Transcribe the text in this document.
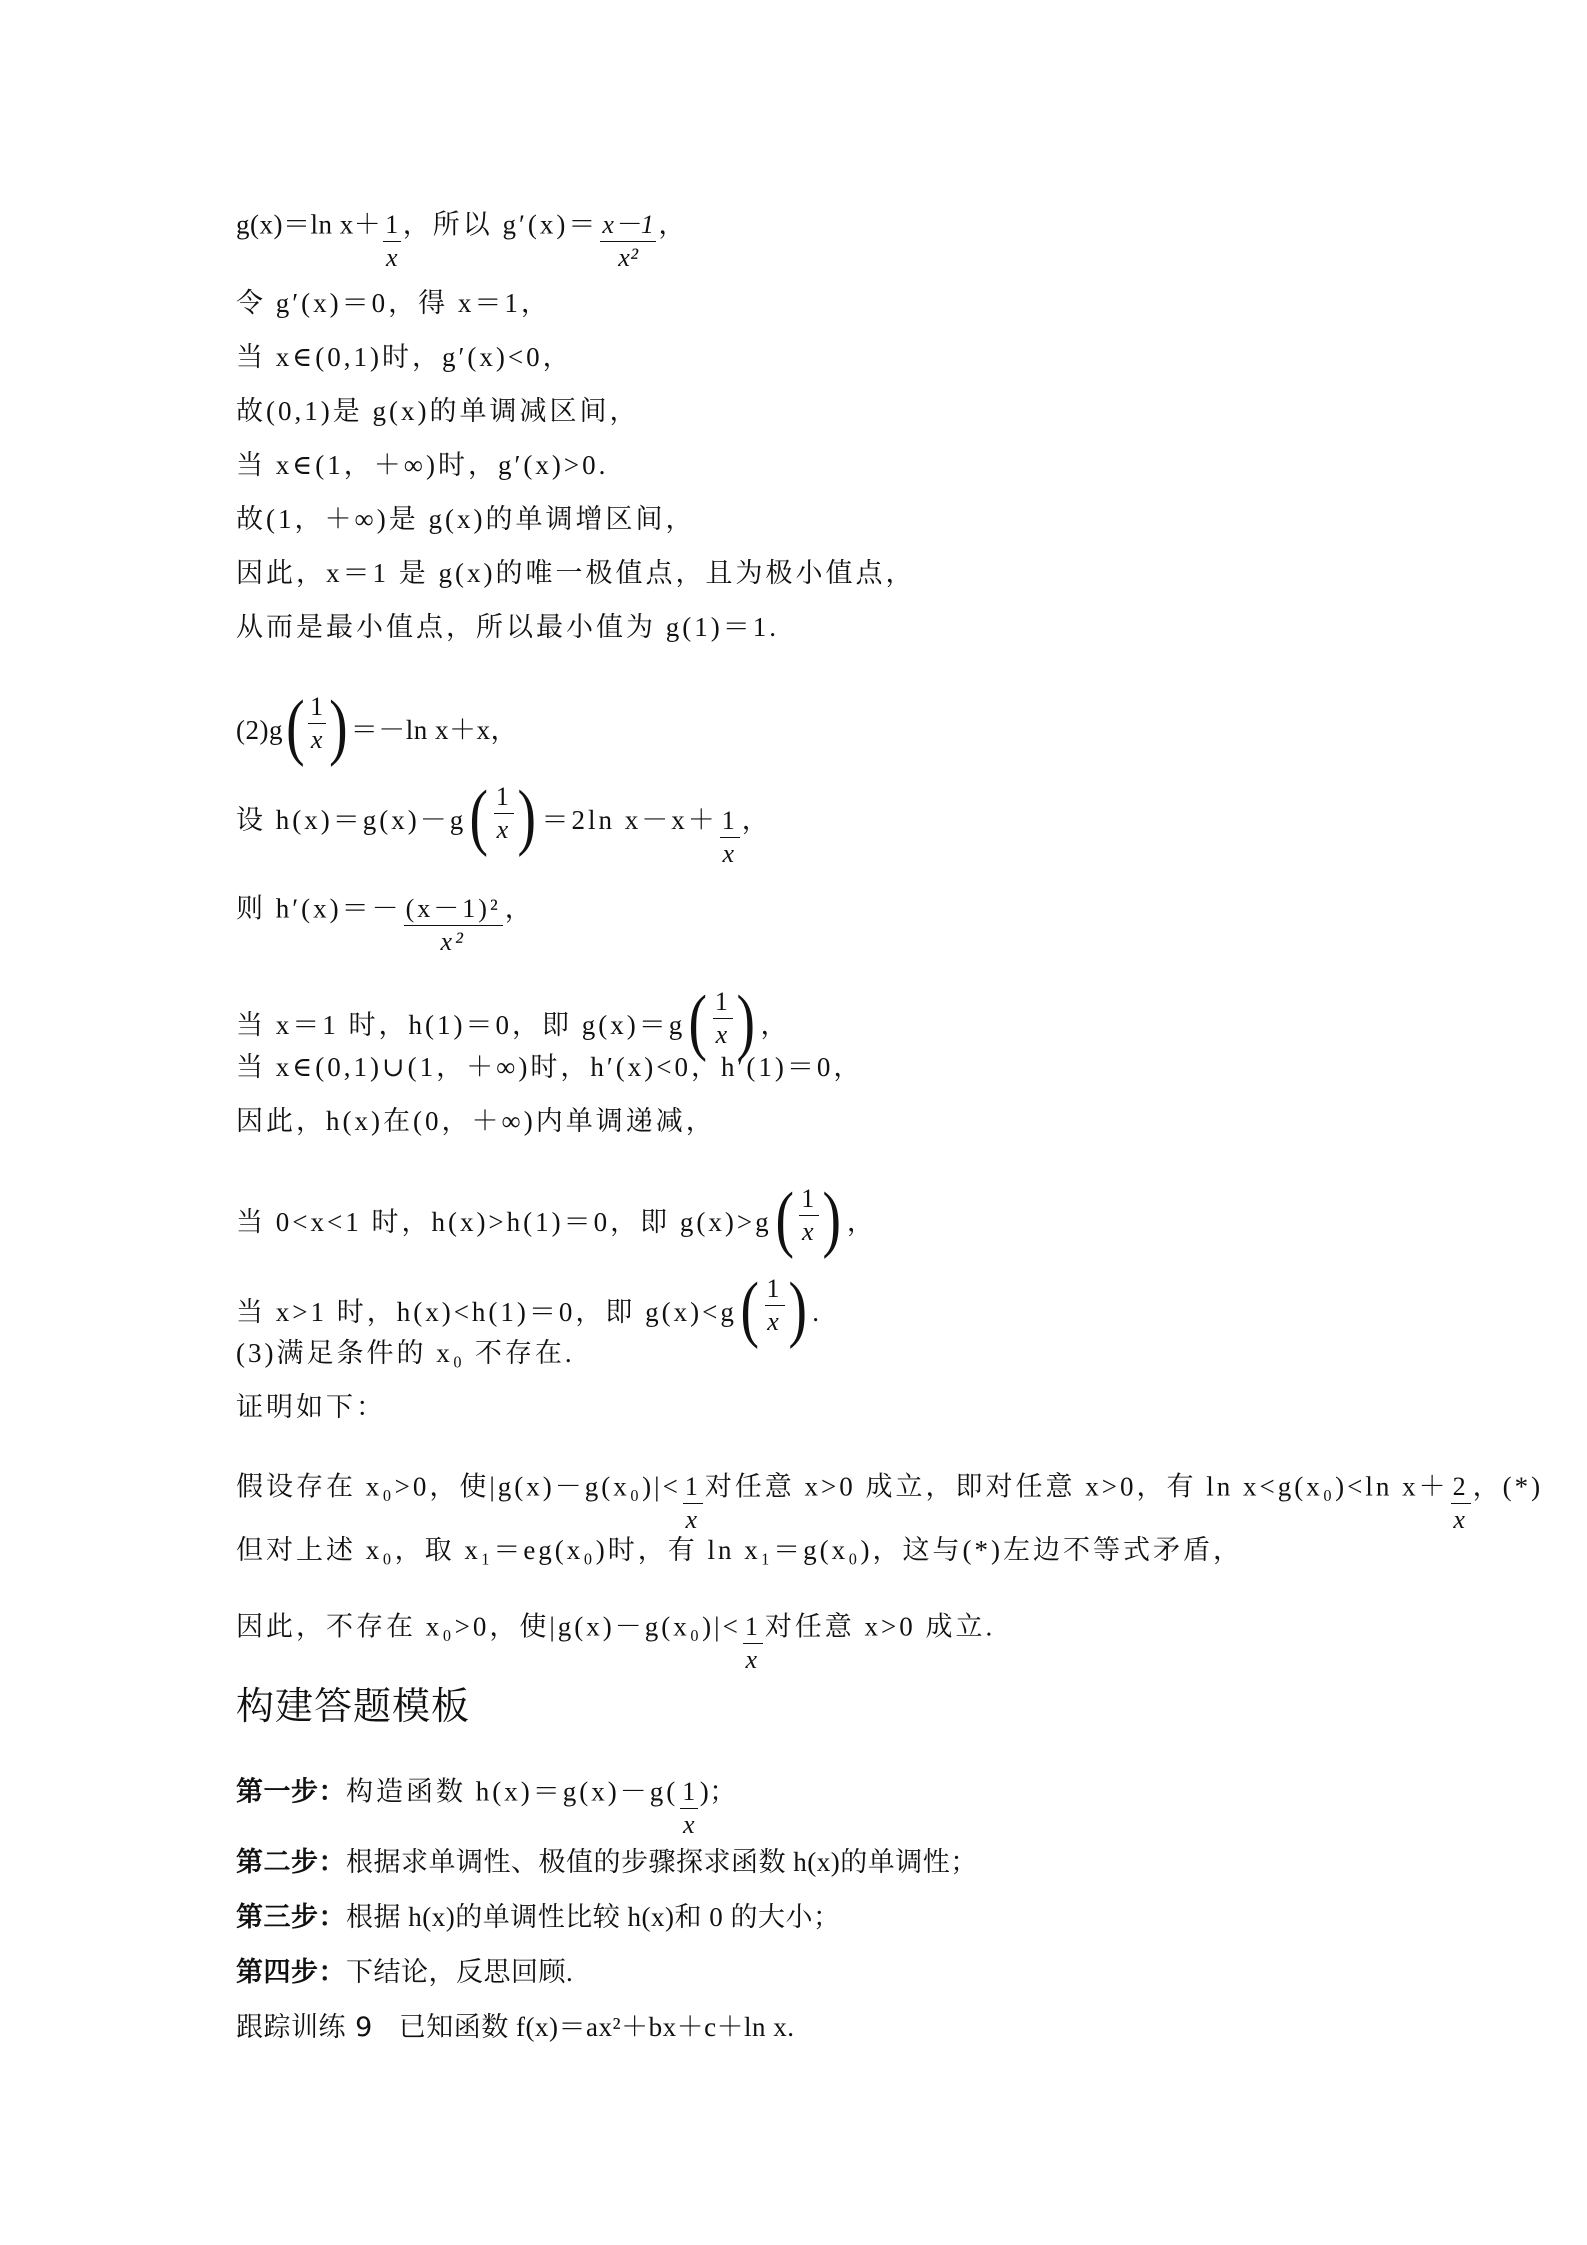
g(x)＝ln $x+ \frac{1}{x}$ ，所以 $g'(x)= \frac{x-1}{\text{x²}}$ ，
令 g′(x)＝0，得 x＝1，
当 x∈(0,1)时，g′(x)<0，
故(0,1)是 g(x)的单调减区间，
当 x∈(1，＋∞)时，g′(x)>0.
故(1，＋∞)是 g(x)的单调增区间，
因此，x＝1 是 g(x)的唯一极值点，且为极小值点，
从而是最小值点，所以最小值为 g(1)＝1.
(2)g ( $\frac{1}{x}$ ) ＝－ln x＋x，
设 h(x)＝g(x)－g ( $\frac{1}{x}$ ) ＝2ln $x-x+ \frac{1}{x}$ ，
则 $h'(x)=- \frac{\text{(x－1)²}}{\text{x²}}$ ，
当 x＝1 时，h(1)＝0，即 g(x)＝g ( $\frac{1}{x}$ ) ，
当 x∈(0,1)∪(1，＋∞)时，h′(x)<0，h′(1)＝0，
因此，h(x)在(0，＋∞)内单调递减，
当 0<x<1 时，h(x)>h(1)＝0，即 g(x)>g ( $\frac{1}{x}$ ) ，
当 x>1 时，h(x)<h(1)＝0，即 g(x)<g ( $\frac{1}{x}$ ) .
(3)满足条件的 x₀ 不存在.
证明如下：
假设存在 x₀>0，使$|g(x)-g(x_0)|< \frac{1}{x}$ 对任意 x>0 成立，即对任意 x>0，有 ln x<g(x₀)<ln $x+ \frac{2}{x}$ ，(*)
但对上述 x₀，取 x₁＝eg(x₀)时，有 ln x₁＝g(x₀)，这与(*)左边不等式矛盾，
因此，不存在 x₀>0，使$|g(x)-g(x_0)|< \frac{1}{x}$ 对任意 x>0 成立.
构建答题模板
第一步：构造函数 $h(x)=g(x)-g( \frac{1}{x}$ )；
第二步：根据求单调性、极值的步骤探求函数 h(x)的单调性；
第三步：根据 h(x)的单调性比较 h(x)和 0 的大小；
第四步：下结论，反思回顾.
跟踪训练 9 已知函数 f(x)＝ax²＋bx＋c＋ln x.
